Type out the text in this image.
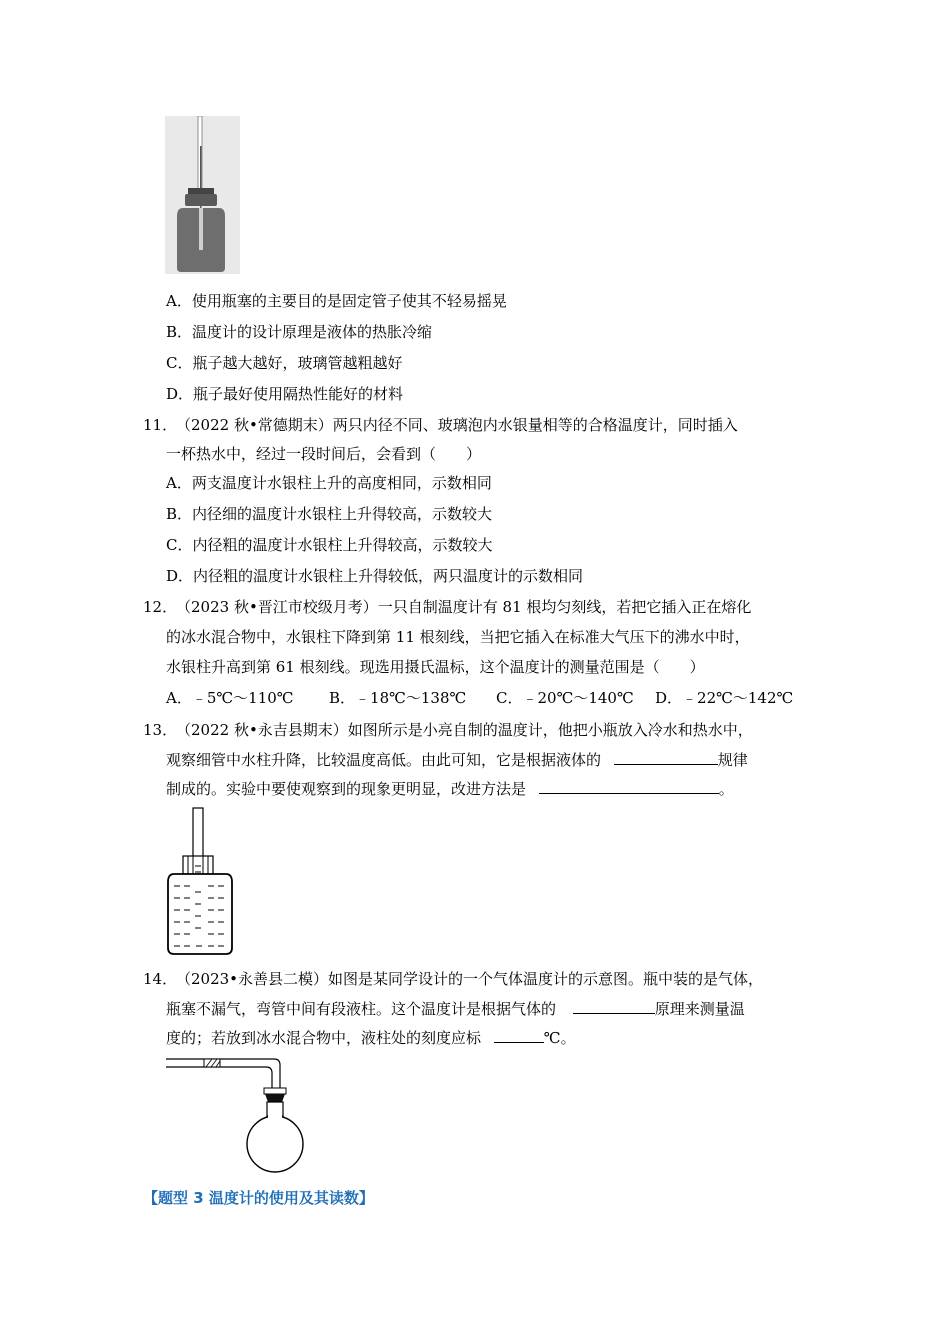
A．使用瓶塞的主要目的是固定管子使其不轻易摇晃
B．温度计的设计原理是液体的热胀冷缩
C．瓶子越大越好，玻璃管越粗越好
D．瓶子最好使用隔热性能好的材料
11．
（2022 秋•常德期末）两只内径不同、玻璃泡内水银量相等的合格温度计，同时插入
一杯热水中，经过一段时间后，会看到（　　）
A．两支温度计水银柱上升的高度相同，示数相同
B．内径细的温度计水银柱上升得较高，示数较大
C．内径粗的温度计水银柱上升得较高，示数较大
D．内径粗的温度计水银柱上升得较低，两只温度计的示数相同
12．
（2023 秋•晋江市校级月考）一只自制温度计有 81 根均匀刻线，若把它插入正在熔化
的冰水混合物中，水银柱下降到第 11 根刻线，当把它插入在标准大气压下的沸水中时，
水银柱升高到第 61 根刻线。现选用摄氏温标，这个温度计的测量范围是（　　）
A．﹣5℃～110℃ B．﹣18℃～138℃ C．﹣20℃～140℃ D．﹣22℃～142℃
13．
（2022 秋•永吉县期末）如图所示是小亮自制的温度计，他把小瓶放入冷水和热水中，
观察细管中水柱升降，比较温度高低。由此可知，它是根据液体的	规律
制成的。实验中要使观察到的现象更明显，改进方法是	。
14．
（2023•永善县二模）如图是某同学设计的一个气体温度计的示意图。瓶中装的是气体，
瓶塞不漏气，弯管中间有段液柱。这个温度计是根据气体的	原理来测量温
度的；若放到冰水混合物中，液柱处的刻度应标	℃。
【题型 3 温度计的使用及其读数】
